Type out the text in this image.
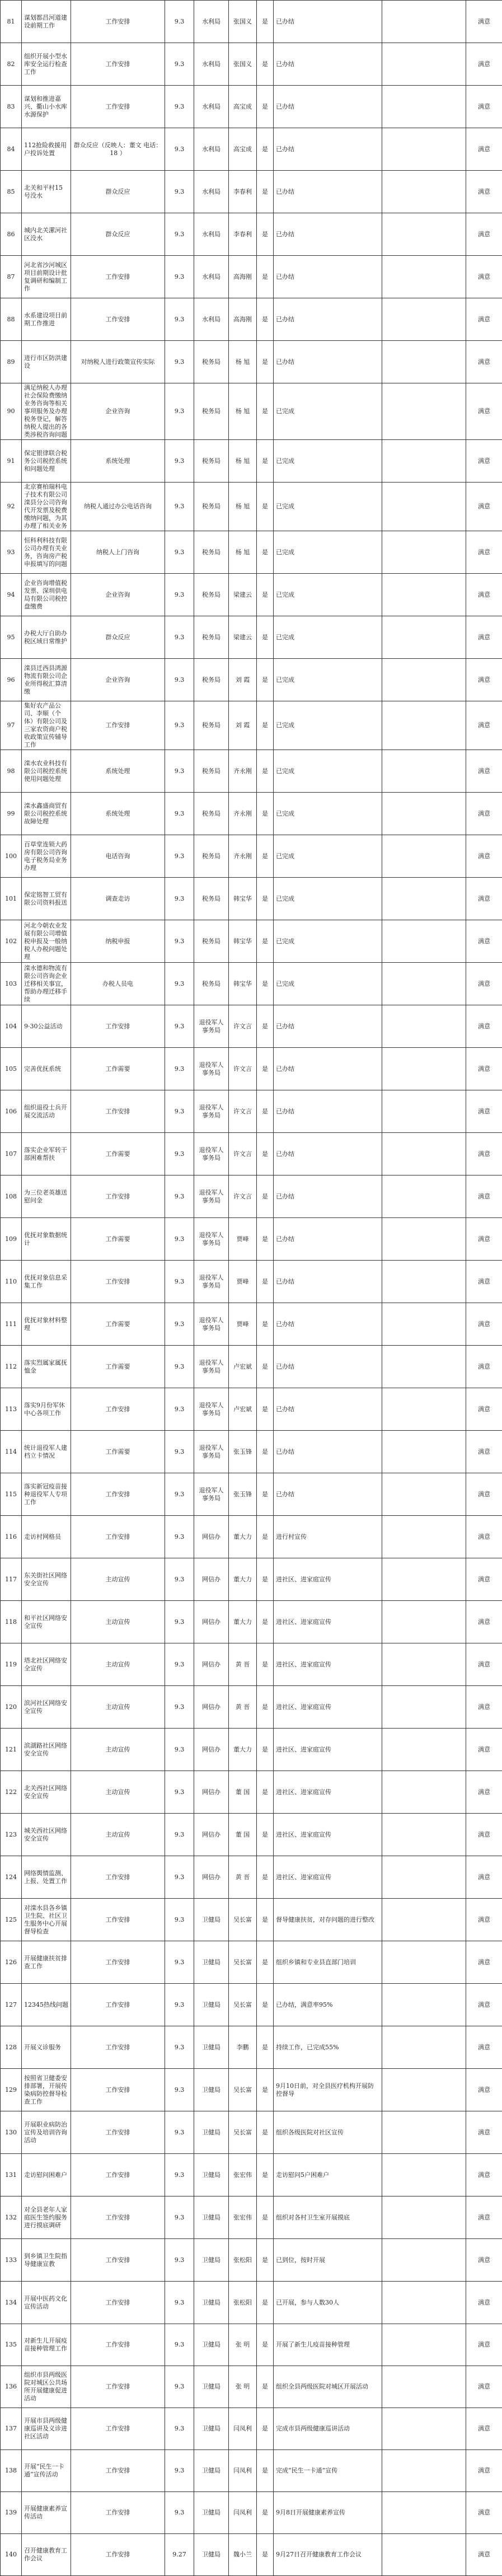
81	谋划都昌河道建设前期工作	工作安排	9.3	水利局	张国义	是	已办结		满意
82	组织开展小型水库安全运行检查工作	工作安排	9.3	水利局	张国义	是	已办结		满意
83	谋划和推进嘉兴、衢山小水库水源保护	工作安排	9.3	水利局	高宝成	是	已办结		满意
84	112抢险救援用户投诉处置	群众反应（反映人：董文 电话：18 ）	9.3	水利局	高宝成	是	已办结		满意
85	北关和平村15号没水	群众反应	9.3	水利局	李春利	是	已办结		满意
86	城内北关漯河社区没水	群众反应	9.3	水利局	李春利	是	已办结		满意
87	河北省沙河城区项目前期设计批复调研和编制工作	工作安排	9.3	水利局	高海刚	是	已办结		满意
88	水系建设项目前期工作推进	工作安排	9.3	水利局	高海刚	是	已办结		满意
89	进行市区防洪建设	对纳税人进行政策宣传实际	9.3	税务局	杨 旭	是	已办结		满意
90	满足纳税人办理社会保险费缴纳业务咨询等相关事项服务及办理税务登记，解答纳税人提出的各类涉税咨询问题	企业咨询	9.3	税务局	杨 旭	是	已完成		满意
91	保定银律联合税务公司税控系统和问题处理	系统处理	9.3	税务局	杨 旭	是	已完成		满意
92	北京赛柏瑞科电子技术有限公司滦县分公司咨询代开发票及税费缴纳问题，为其办理了相关业务	纳税人通过办公电话咨询	9.3	税务局	杨 旭	是	已完成		满意
93	恒科利科技有限公司办理有关业务，咨询房产税申报填写的问题	纳税人上门咨询	9.3	税务局	杨 旭	是	已完成		满意
94	企业咨询增值税发票、深圳供电局有限公司税控盘缴费	企业咨询	9.3	税务局	梁建云	是	已完成		满意
95	办税大厅自助办税区域日常维护	群众反应	9.3	税务局	梁建云	是	已完成		满意
96	滦县迁西县鸿源物流有限公司企业所得税汇算清缴	企业咨询	9.3	税务局	刘 霞	是	已完成		满意
97	集好农产品公司、李顺（个体）有限公司及三家农资商户税收政策宣传辅导工作	工作安排	9.3	税务局	刘 霞	是	已完成		满意
98	滦水农业科技有限公司税控系统使用问题处理	系统处理	9.3	税务局	齐永刚	是	已完成		满意
99	滦水鑫盛商贸有限公司税控系统故障处理	系统处理	9.3	税务局	齐永刚	是	已完成		满意
100	百草堂连锁大药房有限公司咨询电子税务局业务办理	电话咨询	9.3	税务局	齐永刚	是	已完成		满意
101	保定铭智工贸有限公司资料报送	调查走访	9.3	税务局	韩宝华	是	已完成		满意
102	河北今朝农业发展有限公司增值税申报及一般纳税人办税问题处理	纳税申报	9.3	税务局	韩宝华	是	已完成		满意
103	滦水德和物流有限公司咨询企业迁移相关事宜，帮助办理迁移手续	办税人员电	9.3	税务局	韩宝华	是	已完成		满意
104	9·30公益活动	工作安排	9.3	退役军人事务局	许文言	是	已办结		满意
105	完善优抚系统	工作需要	9.3	退役军人事务局	许文言	是	已办结		满意
106	组织退役士兵开展交流活动	工作安排	9.3	退役军人事务局	许文言	是	已办结		满意
107	落实企业军转干部困难帮扶	工作需要	9.3	退役军人事务局	许文言	是	已办结		满意
108	为三位老英雄送慰问金	工作安排	9.3	退役军人事务局	许文言	是	已办结		满意
109	优抚对象数据统计	工作需要	9.3	退役军人事务局	贾峰	是	已办结		满意
110	优抚对象信息采集工作	工作安排	9.3	退役军人事务局	贾峰	是	已办结		满意
111	优抚对象材料整理	工作需要	9.3	退役军人事务局	贾峰	是	已办结		满意
112	落实烈属家属抚恤金	工作需要	9.3	退役军人事务局	卢宏斌	是	已办结		满意
113	落实9月份军休中心各项工作	工作安排	9.3	退役军人事务局	卢宏斌	是	已办结		满意
114	统计退役军人建档立卡情况	工作需要	9.3	退役军人事务局	张玉锋	是	已办结		满意
115	落实新冠疫苗接种退役军人专项工作	工作安排	9.3	退役军人事务局	张玉锋	是	已办结		满意
116	走访村网格员	工作安排	9.3	网信办	董大力	是	进行村宣传		满意
117	东关街社区网络安全宣传	主动宣传	9.3	网信办	董大力	是	进社区、进家庭宣传		满意
118	和平社区网络安全宣传	主动宣传	9.3	网信办	董大力	是	进社区、进家庭宣传		满意
119	塔北社区网络安全宣传	主动宣传	9.3	网信办	黄 晋	是	进社区、进家庭宣传		满意
120	滨河社区网络安全宣传	主动宣传	9.3	网信办	黄 晋	是	进社区、进家庭宣传		满意
121	滨湖路社区网络安全宣传	主动宣传	9.3	网信办	董大力	是	进社区、进家庭宣传		满意
122	北关西社区网络安全宣传	主动宣传	9.3	网信办	董 国	是	进社区、进家庭宣传		满意
123	城关西社区网络安全宣传	主动宣传	9.3	网信办	董 国	是	进社区、进家庭宣传		满意
124	网络舆情监测、上报、处置工作	工作安排	9.3	网信办	黄 晋	是	进社区、进家庭宣传		满意
125	对滦水县各乡镇卫生院、社区卫生服务中心开展督导检查	工作安排	9.3	卫健局	吴长富	是	督导健康扶贫，对存问题的进行整改		满意
126	开展健康扶贫排查工作	工作安排	9.3	卫健局	吴长富	是	组织乡镇和专业县直部门培训		满意
127	12345热线问题	工作安排	9.3	卫健局	吴长富	是	已办结，满意率95%		满意
128	开展义诊服务	工作安排	9.3	卫健局	李鹏	是	持续工作，已完成55%		满意
129	按照省卫健委安排部署，开展传染病防控督导检查工作	工作安排	9.3	卫健局	吴长富	是	9月10日前，对全县医疗机构开展防控督导		满意
130	开展职业病防治宣传及培训咨询活动	工作安排	9.3	卫健局	吴长富	是	组织各级医院对社区宣传		满意
131	走访慰问困难户	工作安排	9.3	卫健局	张宏伟	是	走访慰问5户困难户		满意
132	对全县老年人家庭医生签约服务进行摸底调研	工作安排	9.3	卫健局	张宏伟	是	组织对各村卫生室开展摸底		满意
133	到乡镇卫生院指导健康宣教	工作安排	9.3	卫健局	张松阳	是	已到位，按时开展		满意
134	开展中医药文化宣传活动	工作安排	9.3	卫健局	张松阳	是	已开展，参与人数30人		满意
135	对新生儿开展疫苗接种管理工作	工作安排	9.3	卫健局	张 明	是	开展了新生儿疫苗接种管理		满意
136	组织市县两级医院对城区公共场所开展健康促进活动	工作安排	9.3	卫健局	张 明	是	组织全县两级医院对城区开展活动		满意
137	开展市县两级健康巡讲及义诊进社区活动	工作安排	9.3	卫健局	闫凤利	是	完成市县两级健康巡讲活动		满意
138	开展“民生一卡通”宣传活动	工作安排	9.3	卫健局	闫凤利	是	完成“民生一卡通”宣传		满意
139	开展健康素养宣传活动	工作安排	9.3	卫健局	闫凤利	是	9月8日开展健康素养宣传		满意
140	召开健康教育工作会议	工作安排	9.27	卫健局	魏小兰	是	9月27日召开健康教育工作会议		满意
